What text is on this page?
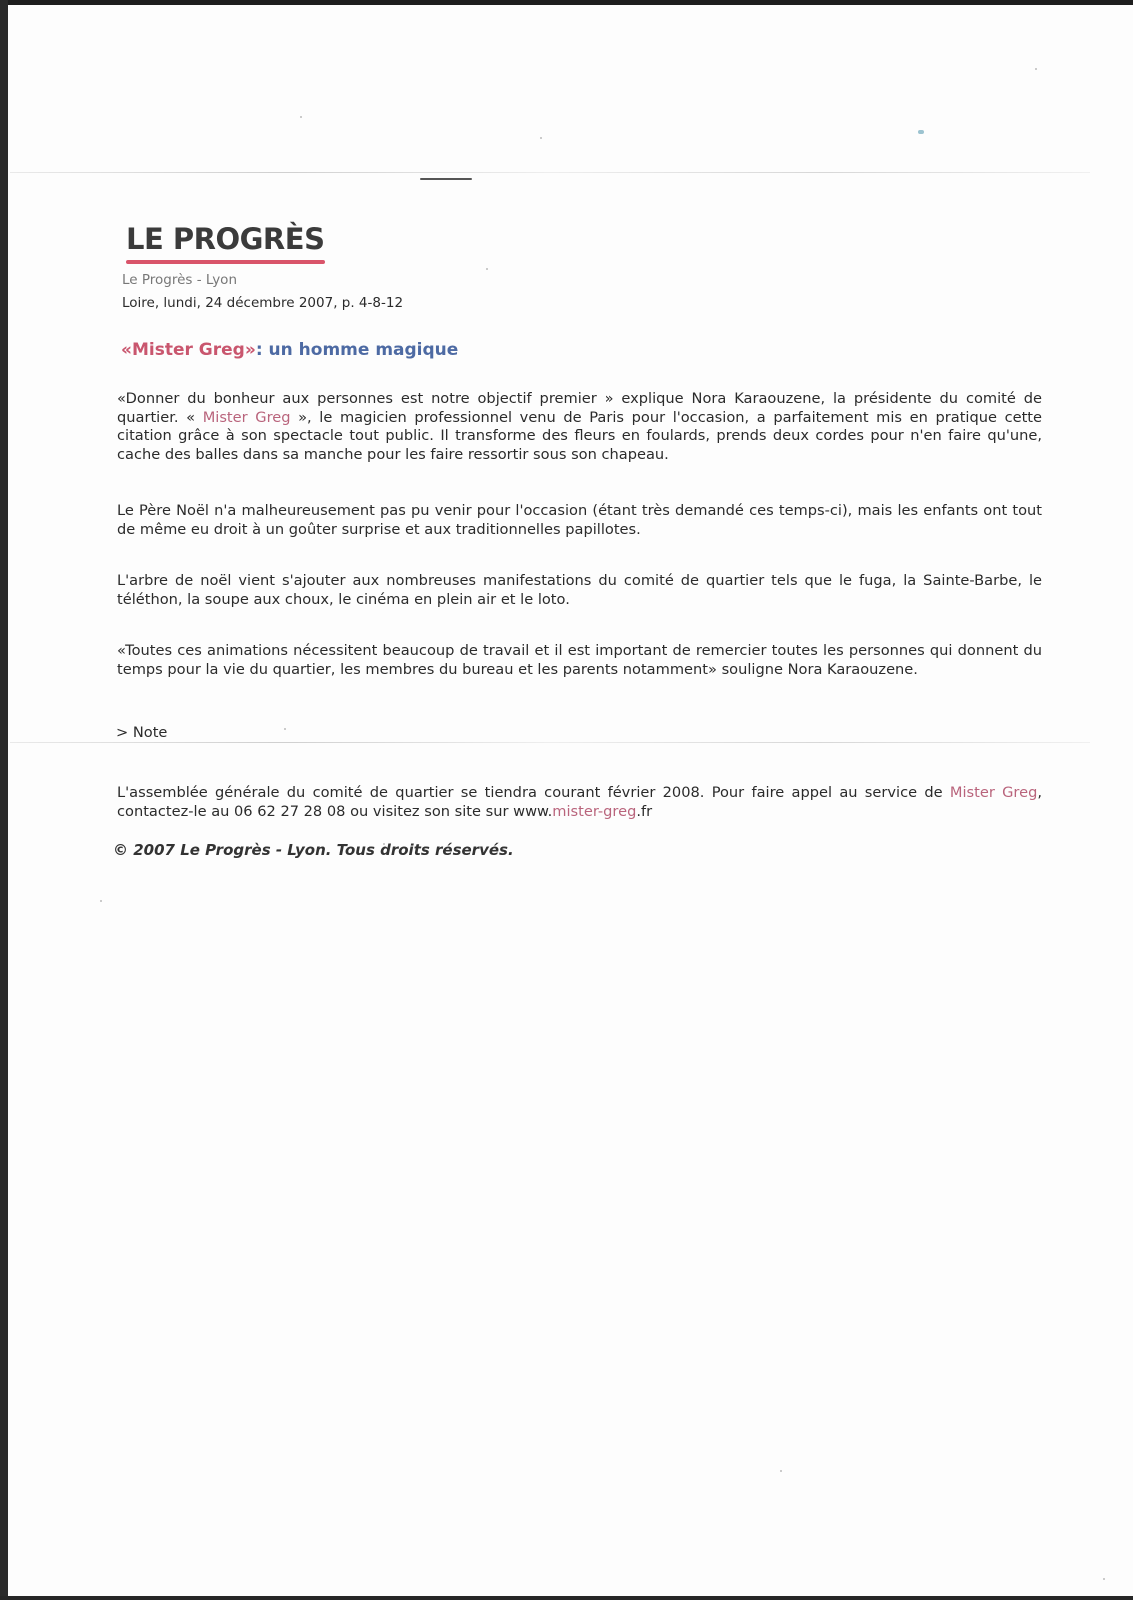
LE PROGRÈS
Le Progrès - Lyon
Loire, lundi, 24 décembre 2007, p. 4-8-12
«Mister Greg»: un homme magique
«Donner du bonheur aux personnes est notre objectif premier » explique Nora Karaouzene, la présidente du comité de quartier. « Mister Greg », le magicien professionnel venu de Paris pour l'occasion, a parfaitement mis en pratique cette citation grâce à son spectacle tout public. Il transforme des fleurs en foulards, prends deux cordes pour n'en faire qu'une, cache des balles dans sa manche pour les faire ressortir sous son chapeau.
Le Père Noël n'a malheureusement pas pu venir pour l'occasion (étant très demandé ces temps-ci), mais les enfants ont tout de même eu droit à un goûter surprise et aux traditionnelles papillotes.
L'arbre de noël vient s'ajouter aux nombreuses manifestations du comité de quartier tels que le fuga, la Sainte-Barbe, le téléthon, la soupe aux choux, le cinéma en plein air et le loto.
«Toutes ces animations nécessitent beaucoup de travail et il est important de remercier toutes les personnes qui donnent du temps pour la vie du quartier, les membres du bureau et les parents notamment» souligne Nora Karaouzene.
> Note
L'assemblée générale du comité de quartier se tiendra courant février 2008. Pour faire appel au service de Mister Greg, contactez-le au 06 62 27 28 08 ou visitez son site sur www.mister-greg.fr
© 2007 Le Progrès - Lyon. Tous droits réservés.
